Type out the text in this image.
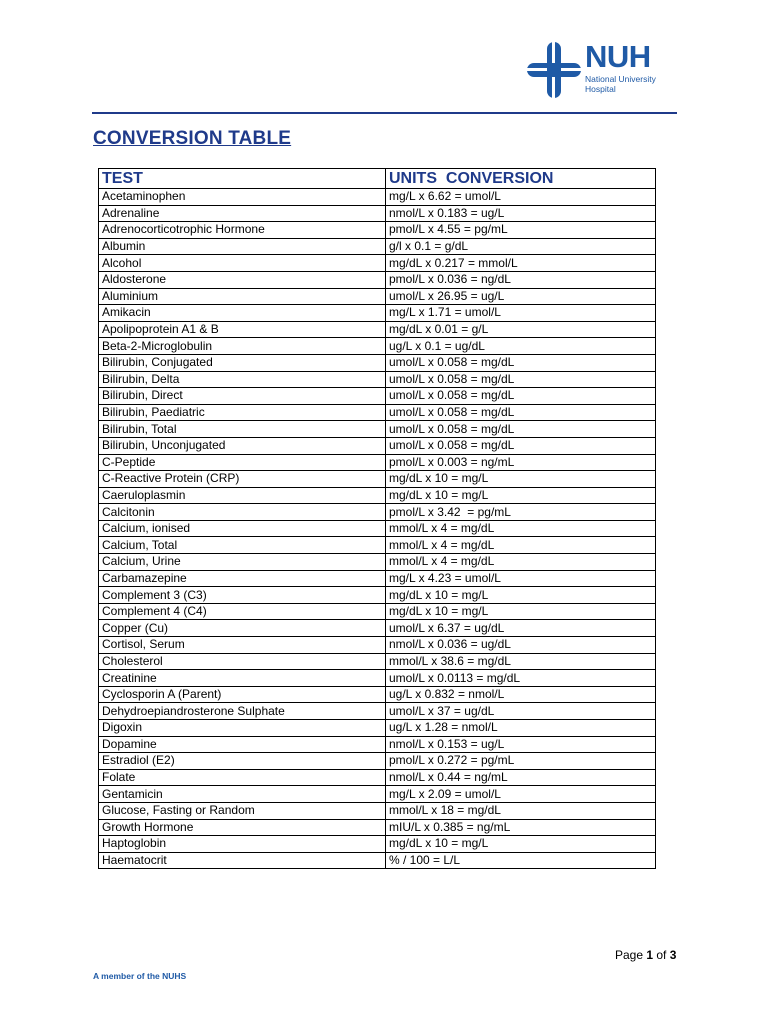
NUH
National University
Hospital
CONVERSION TABLE
TEST	UNITS  CONVERSION
Acetaminophen	mg/L x 6.62 = umol/L
Adrenaline	nmol/L x 0.183 = ug/L
Adrenocorticotrophic Hormone	pmol/L x 4.55 = pg/mL
Albumin	g/l x 0.1 = g/dL
Alcohol	mg/dL x 0.217 = mmol/L
Aldosterone	pmol/L x 0.036 = ng/dL
Aluminium	umol/L x 26.95 = ug/L
Amikacin	mg/L x 1.71 = umol/L
Apolipoprotein A1 & B	mg/dL x 0.01 = g/L
Beta-2-Microglobulin	ug/L x 0.1 = ug/dL
Bilirubin, Conjugated	umol/L x 0.058 = mg/dL
Bilirubin, Delta	umol/L x 0.058 = mg/dL
Bilirubin, Direct	umol/L x 0.058 = mg/dL
Bilirubin, Paediatric	umol/L x 0.058 = mg/dL
Bilirubin, Total	umol/L x 0.058 = mg/dL
Bilirubin, Unconjugated	umol/L x 0.058 = mg/dL
C-Peptide	pmol/L x 0.003 = ng/mL
C-Reactive Protein (CRP)	mg/dL x 10 = mg/L
Caeruloplasmin	mg/dL x 10 = mg/L
Calcitonin	pmol/L x 3.42  = pg/mL
Calcium, ionised	mmol/L x 4 = mg/dL
Calcium, Total	mmol/L x 4 = mg/dL
Calcium, Urine	mmol/L x 4 = mg/dL
Carbamazepine	mg/L x 4.23 = umol/L
Complement 3 (C3)	mg/dL x 10 = mg/L
Complement 4 (C4)	mg/dL x 10 = mg/L
Copper (Cu)	umol/L x 6.37 = ug/dL
Cortisol, Serum	nmol/L x 0.036 = ug/dL
Cholesterol	mmol/L x 38.6 = mg/dL
Creatinine	umol/L x 0.0113 = mg/dL
Cyclosporin A (Parent)	ug/L x 0.832 = nmol/L
Dehydroepiandrosterone Sulphate	umol/L x 37 = ug/dL
Digoxin	ug/L x 1.28 = nmol/L
Dopamine	nmol/L x 0.153 = ug/L
Estradiol (E2)	pmol/L x 0.272 = pg/mL
Folate	nmol/L x 0.44 = ng/mL
Gentamicin	mg/L x 2.09 = umol/L
Glucose, Fasting or Random	mmol/L x 18 = mg/dL
Growth Hormone	mIU/L x 0.385 = ng/mL
Haptoglobin	mg/dL x 10 = mg/L
Haematocrit	% / 100 = L/L
Page 1 of 3
A member of the NUHS
